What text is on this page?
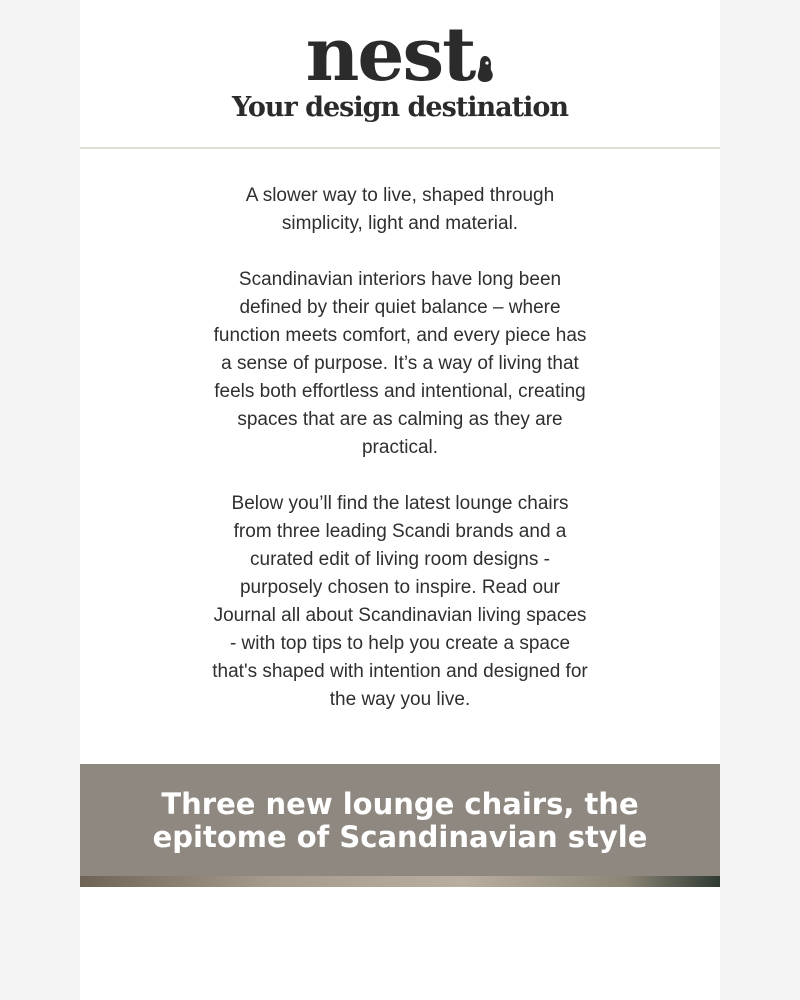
nest
Your design destination

A slower way to live, shaped through simplicity, light and material.

Scandinavian interiors have long been defined by their quiet balance – where function meets comfort, and every piece has a sense of purpose. It’s a way of living that feels both effortless and intentional, creating spaces that are as calming as they are practical.

Below you’ll find the latest lounge chairs from three leading Scandi brands and a curated edit of living room designs - purposely chosen to inspire. Read our Journal all about Scandinavian living spaces - with top tips to help you create a space that's shaped with intention and designed for the way you live.

Three new lounge chairs, the epitome of Scandinavian style
